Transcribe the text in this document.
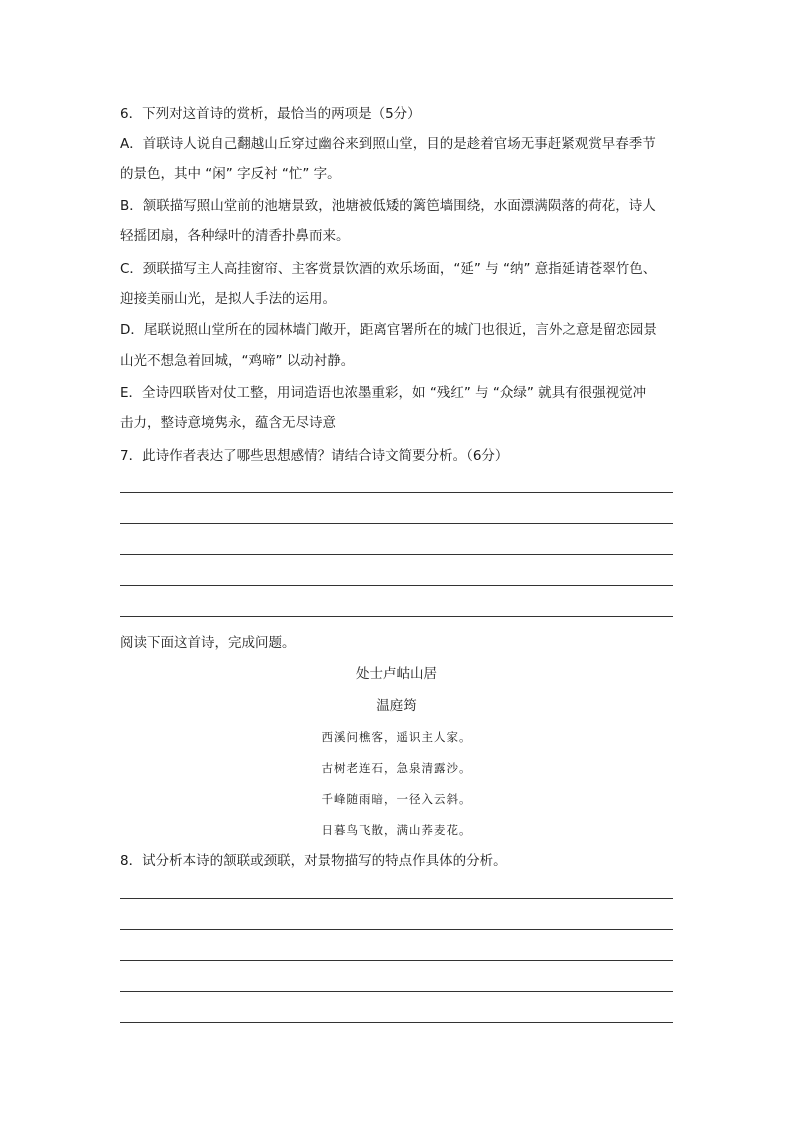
6．下列对这首诗的赏析，最恰当的两项是（5分）
A．首联诗人说自己翻越山丘穿过幽谷来到照山堂，目的是趁着官场无事赶紧观赏早春季节
的景色，其中 “闲” 字反衬 “忙” 字。
B．颔联描写照山堂前的池塘景致，池塘被低矮的篱笆墙围绕，水面漂满陨落的荷花，诗人
轻摇团扇，各种绿叶的清香扑鼻而来。
C．颈联描写主人高挂窗帘、主客赏景饮酒的欢乐场面，“延” 与 “纳” 意指延请苍翠竹色、
迎接美丽山光，是拟人手法的运用。
D．尾联说照山堂所在的园林墙门敞开，距离官署所在的城门也很近，言外之意是留恋园景
山光不想急着回城，“鸡啼” 以动衬静。
E．全诗四联皆对仗工整，用词造语也浓墨重彩，如 “残红” 与 “众绿” 就具有很强视觉冲
击力，整诗意境隽永，蕴含无尽诗意
7．此诗作者表达了哪些思想感情？请结合诗文简要分析。（6分）
阅读下面这首诗，完成问题。
处士卢岵山居
温庭筠
西溪问樵客，遥识主人家。
古树老连石，急泉清露沙。
千峰随雨暗，一径入云斜。
日暮鸟飞散，满山荞麦花。
8．试分析本诗的颔联或颈联，对景物描写的特点作具体的分析。
